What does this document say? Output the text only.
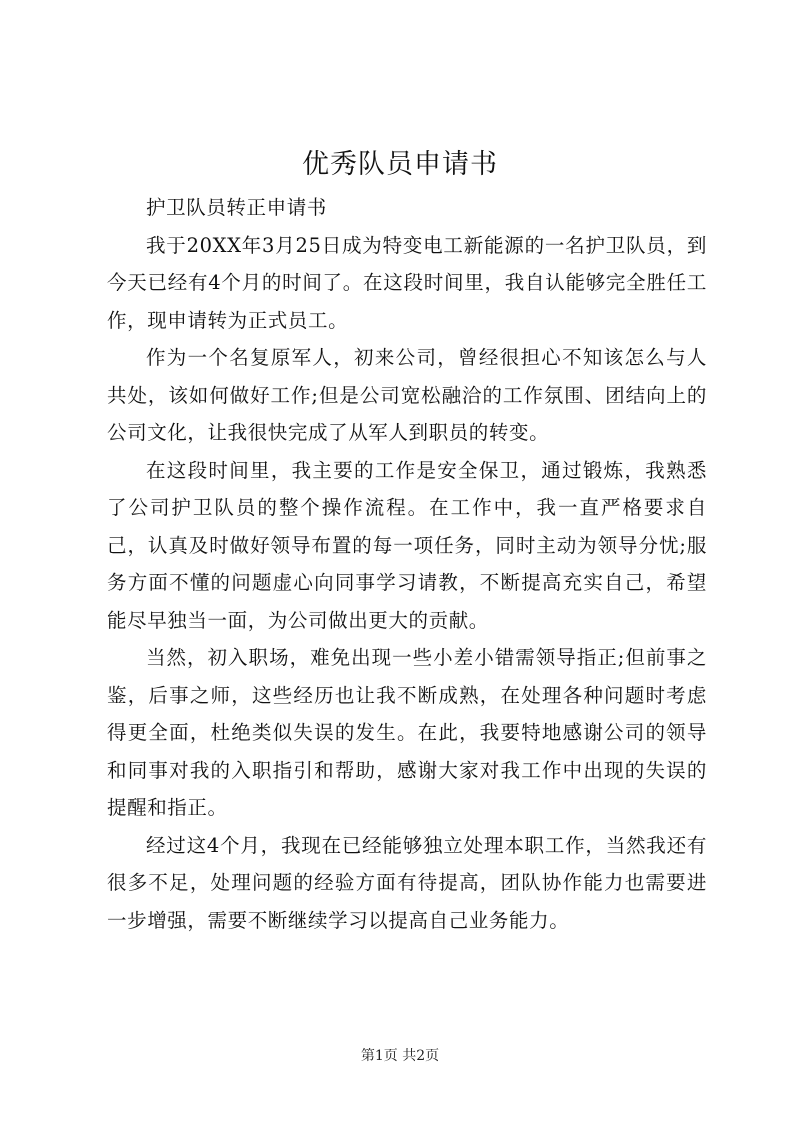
优秀队员申请书

护卫队员转正申请书

我于20XX年3月25日成为特变电工新能源的一名护卫队员，到今天已经有4个月的时间了。在这段时间里，我自认能够完全胜任工作，现申请转为正式员工。

作为一个名复原军人，初来公司，曾经很担心不知该怎么与人共处，该如何做好工作;但是公司宽松融洽的工作氛围、团结向上的公司文化，让我很快完成了从军人到职员的转变。

在这段时间里，我主要的工作是安全保卫，通过锻炼，我熟悉了公司护卫队员的整个操作流程。在工作中，我一直严格要求自己，认真及时做好领导布置的每一项任务，同时主动为领导分忧;服务方面不懂的问题虚心向同事学习请教，不断提高充实自己，希望能尽早独当一面，为公司做出更大的贡献。

当然，初入职场，难免出现一些小差小错需领导指正;但前事之鉴，后事之师，这些经历也让我不断成熟，在处理各种问题时考虑得更全面，杜绝类似失误的发生。在此，我要特地感谢公司的领导和同事对我的入职指引和帮助，感谢大家对我工作中出现的失误的提醒和指正。

经过这4个月，我现在已经能够独立处理本职工作，当然我还有很多不足，处理问题的经验方面有待提高，团队协作能力也需要进一步增强，需要不断继续学习以提高自己业务能力。

第1页 共2页
